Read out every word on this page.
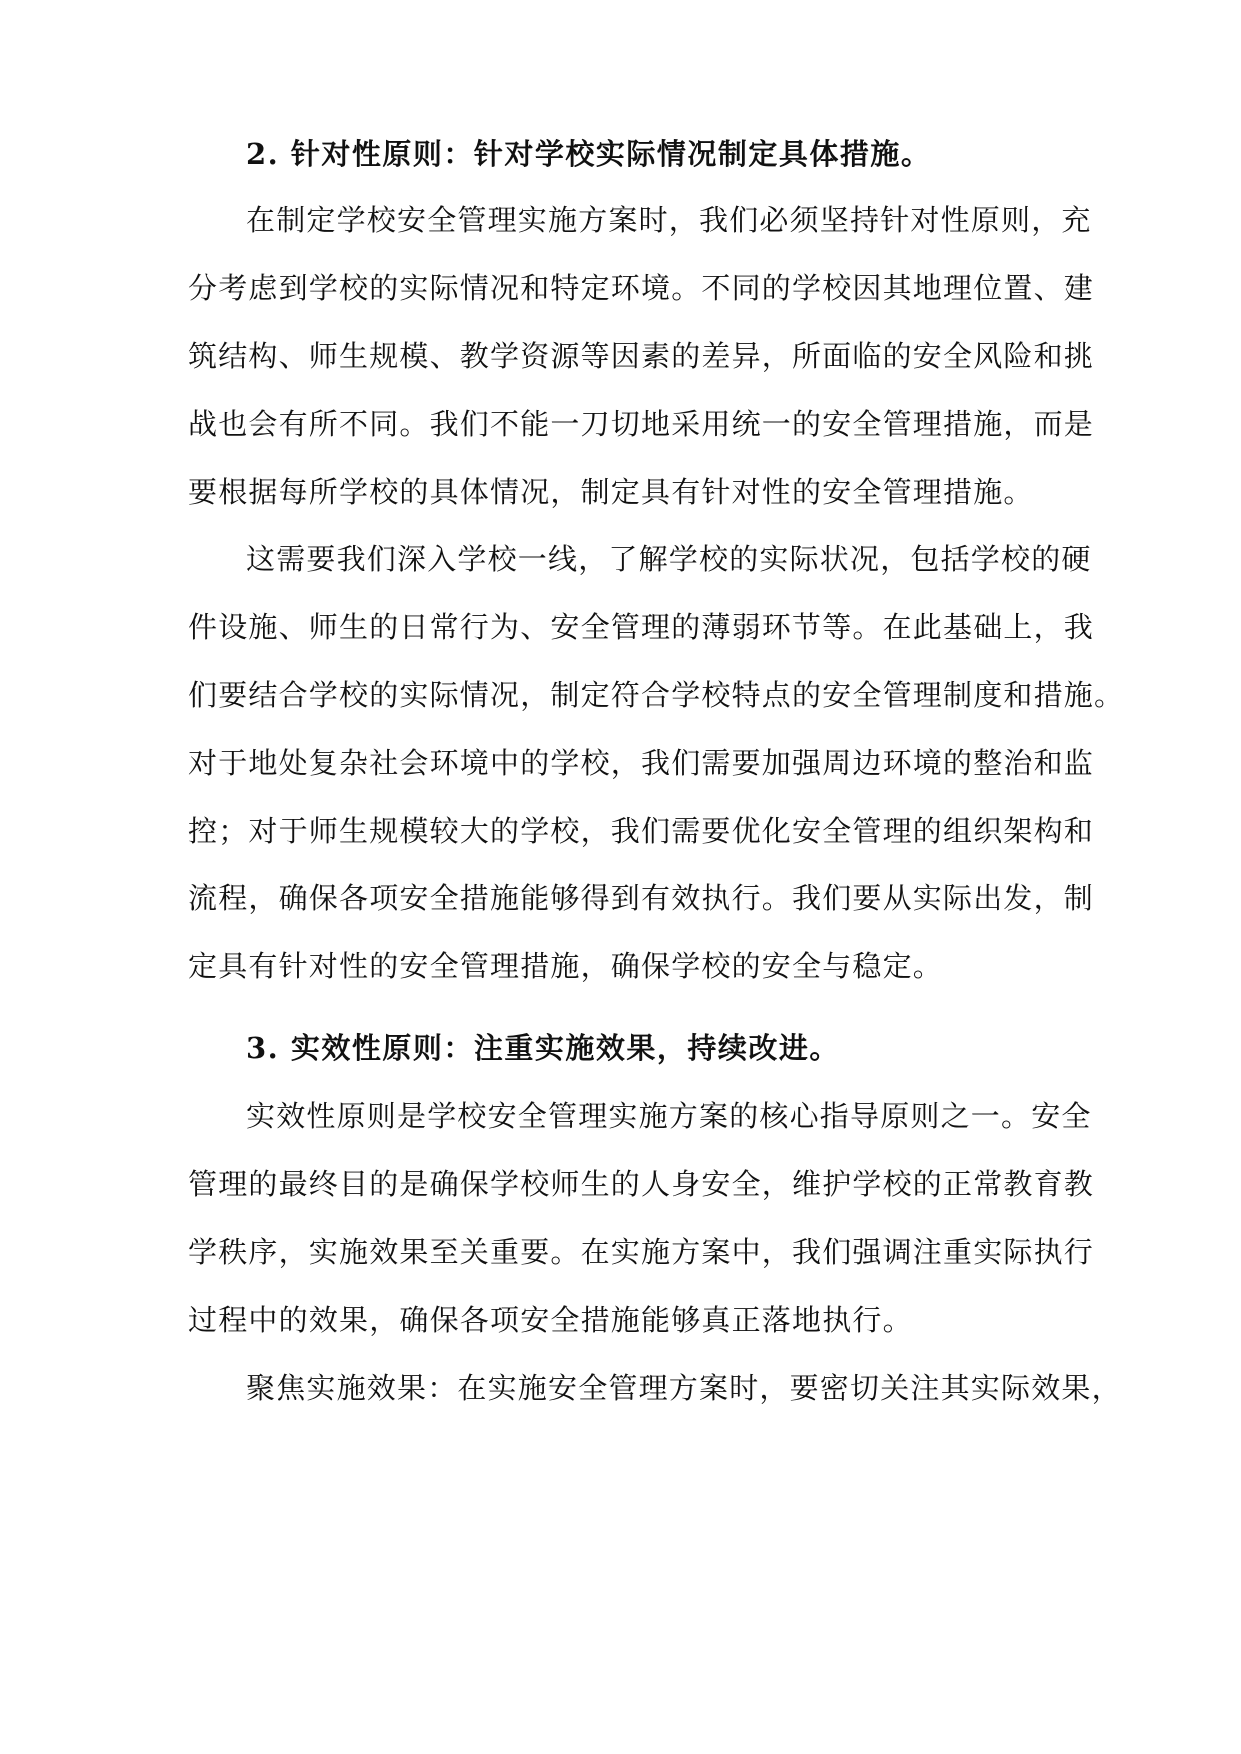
2. 针对性原则：针对学校实际情况制定具体措施。
在制定学校安全管理实施方案时，我们必须坚持针对性原则，充
分考虑到学校的实际情况和特定环境。不同的学校因其地理位置、建
筑结构、师生规模、教学资源等因素的差异，所面临的安全风险和挑
战也会有所不同。我们不能一刀切地采用统一的安全管理措施，而是
要根据每所学校的具体情况，制定具有针对性的安全管理措施。
这需要我们深入学校一线，了解学校的实际状况，包括学校的硬
件设施、师生的日常行为、安全管理的薄弱环节等。在此基础上，我
们要结合学校的实际情况，制定符合学校特点的安全管理制度和措施。
对于地处复杂社会环境中的学校，我们需要加强周边环境的整治和监
控；对于师生规模较大的学校，我们需要优化安全管理的组织架构和
流程，确保各项安全措施能够得到有效执行。我们要从实际出发，制
定具有针对性的安全管理措施，确保学校的安全与稳定。
3. 实效性原则：注重实施效果，持续改进。
实效性原则是学校安全管理实施方案的核心指导原则之一。安全
管理的最终目的是确保学校师生的人身安全，维护学校的正常教育教
学秩序，实施效果至关重要。在实施方案中，我们强调注重实际执行
过程中的效果，确保各项安全措施能够真正落地执行。
聚焦实施效果：在实施安全管理方案时，要密切关注其实际效果，
